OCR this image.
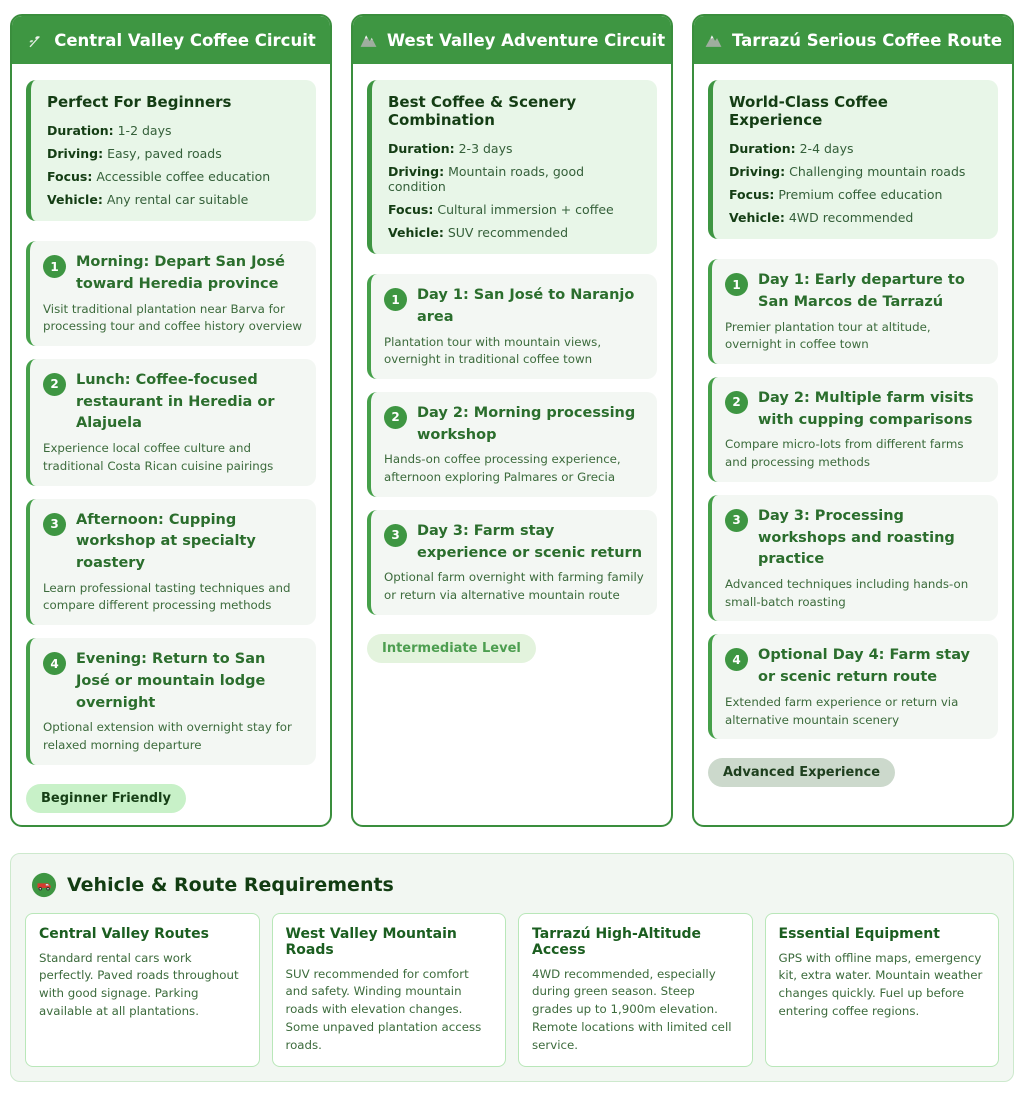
Central Valley Coffee Circuit
Perfect For Beginners
Duration: 1-2 days
Driving: Easy, paved roads
Focus: Accessible coffee education
Vehicle: Any rental car suitable
1	Morning: Depart San José toward Heredia province
Visit traditional plantation near Barva for processing tour and coffee history overview
2	Lunch: Coffee-focused restaurant in Heredia or Alajuela
Experience local coffee culture and traditional Costa Rican cuisine pairings
3	Afternoon: Cupping workshop at specialty roastery
Learn professional tasting techniques and compare different processing methods
4	Evening: Return to San José or mountain lodge overnight
Optional extension with overnight stay for relaxed morning departure
Beginner Friendly
West Valley Adventure Circuit
Best Coffee & Scenery Combination
Duration: 2-3 days
Driving: Mountain roads, good condition
Focus: Cultural immersion + coffee
Vehicle: SUV recommended
1	Day 1: San José to Naranjo area
Plantation tour with mountain views, overnight in traditional coffee town
2	Day 2: Morning processing workshop
Hands-on coffee processing experience, afternoon exploring Palmares or Grecia
3	Day 3: Farm stay experience or scenic return
Optional farm overnight with farming family or return via alternative mountain route
Intermediate Level
Tarrazú Serious Coffee Route
World-Class Coffee Experience
Duration: 2-4 days
Driving: Challenging mountain roads
Focus: Premium coffee education
Vehicle: 4WD recommended
1	Day 1: Early departure to San Marcos de Tarrazú
Premier plantation tour at altitude, overnight in coffee town
2	Day 2: Multiple farm visits with cupping comparisons
Compare micro-lots from different farms and processing methods
3	Day 3: Processing workshops and roasting practice
Advanced techniques including hands-on small-batch roasting
4	Optional Day 4: Farm stay or scenic return route
Extended farm experience or return via alternative mountain scenery
Advanced Experience
Vehicle & Route Requirements
Central Valley Routes
Standard rental cars work perfectly. Paved roads throughout with good signage. Parking available at all plantations.
West Valley Mountain Roads
SUV recommended for comfort and safety. Winding mountain roads with elevation changes. Some unpaved plantation access roads.
Tarrazú High-Altitude Access
4WD recommended, especially during green season. Steep grades up to 1,900m elevation. Remote locations with limited cell service.
Essential Equipment
GPS with offline maps, emergency kit, extra water. Mountain weather changes quickly. Fuel up before entering coffee regions.
